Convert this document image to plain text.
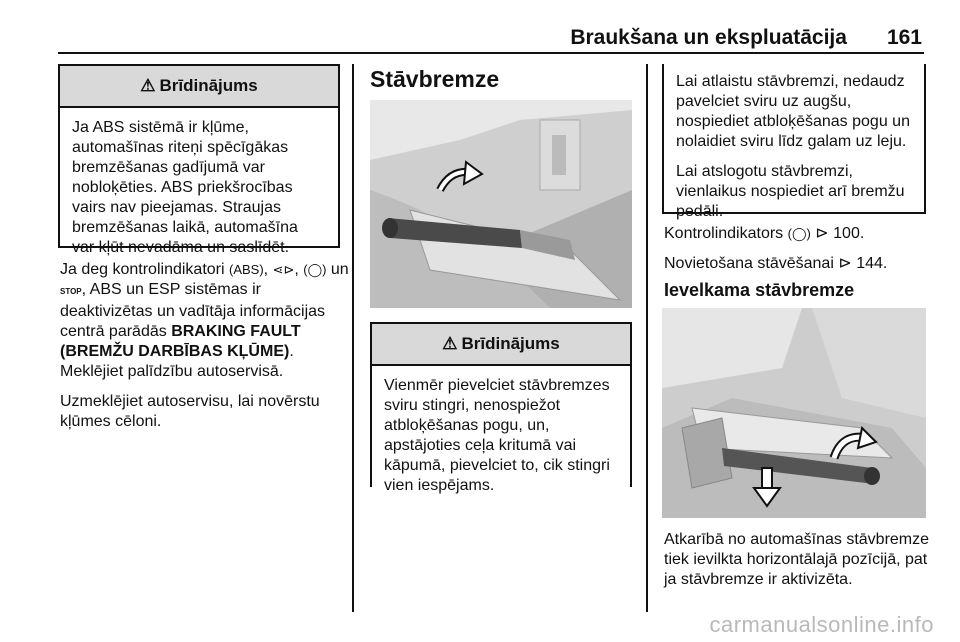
Braukšana un ekspluatācija 161
⚠ Brīdinājums
Ja ABS sistēmā ir kļūme,
automašīnas riteņi spēcīgākas
bremzēšanas gadījumā var
nobloķēties. ABS priekšrocības
vairs nav pieejamas. Straujas
bremzēšanas laikā, automašīna
var kļūt nevadāma un saslīdēt.

Ja deg kontrolindikatori (ABS), ⋖⊳, (◯) un
STOP, ABS un ESP sistēmas ir
deaktivizētas un vadītāja informācijas
centrā parādās BRAKING FAULT
(BREMŽU DARBĪBAS KĻŪME).
Meklējiet palīdzību autoservisā.

Uzmeklējiet autoservisu, lai novērstu
kļūmes cēloni.

Stāvbremze
⚠ Brīdinājums
Vienmēr pievelciet stāvbremzes
sviru stingri, nenospiežot
atbloķēšanas pogu, un,
apstājoties ceļa kritumā vai
kāpumā, pievelciet to, cik stingri
vien iespējams.
Lai atlaistu stāvbremzi, nedaudz
pavelciet sviru uz augšu,
nospiediet atbloķēšanas pogu un
nolaidiet sviru līdz galam uz leju.
Lai atslogotu stāvbremzi,
vienlaikus nospiediet arī bremžu
pedāli.

Kontrolindikators (◯) ⊳ 100.

Novietošana stāvēšanai ⊳ 144.

Ievelkama stāvbremze
Atkarībā no automašīnas stāvbremze
tiek ievilkta horizontālajā pozīcijā, pat
ja stāvbremze ir aktivizēta.
carmanualsonline.info
